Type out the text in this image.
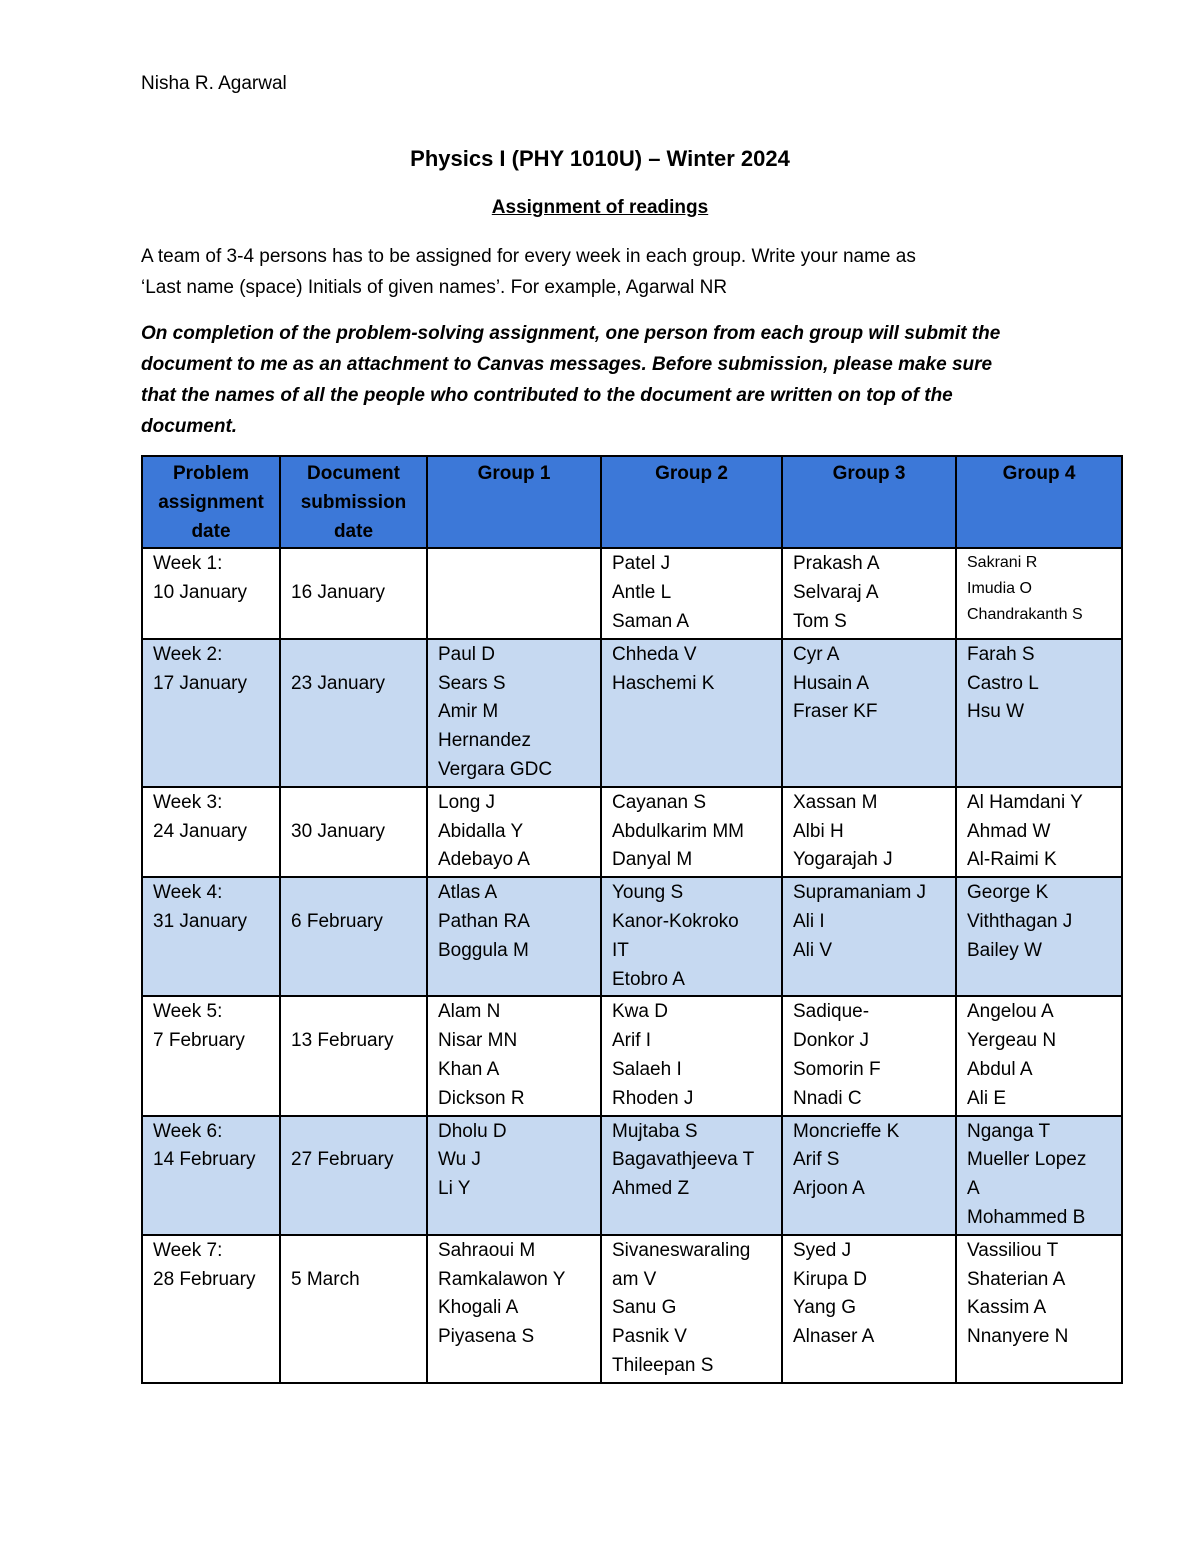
Nisha R. Agarwal
Physics I (PHY 1010U) – Winter 2024
Assignment of readings

A team of 3-4 persons has to be assigned for every week in each group. Write your name as
‘Last name (space) Initials of given names’. For example, Agarwal NR

On completion of the problem-solving assignment, one person from each group will submit the
document to me as an attachment to Canvas messages. Before submission, please make sure
that the names of all the people who contributed to the document are written on top of the
document.

Problem assignment date	Document submission date	Group 1	Group 2	Group 3	Group 4

Week 1:
10 January	16 January		Patel J
Antle L
Saman A	Prakash A
Selvaraj A
Tom S	Sakrani R
Imudia O
Chandrakanth S

Week 2:
17 January	23 January	Paul D
Sears S
Amir M
Hernandez
Vergara GDC	Chheda V
Haschemi K	Cyr A
Husain A
Fraser KF	Farah S
Castro L
Hsu W

Week 3:
24 January	30 January	Long J
Abidalla Y
Adebayo A	Cayanan S
Abdulkarim MM
Danyal M	Xassan M
Albi H
Yogarajah J	Al Hamdani Y
Ahmad W
Al-Raimi K

Week 4:
31 January	6 February	Atlas A
Pathan RA
Boggula M	Young S
Kanor-Kokroko
IT
Etobro A	Supramaniam J
Ali I
Ali V	George K
Viththagan J
Bailey W

Week 5:
7 February	13 February	Alam N
Nisar MN
Khan A
Dickson R	Kwa D
Arif I
Salaeh I
Rhoden J	Sadique-
Donkor J
Somorin F
Nnadi C	Angelou A
Yergeau N
Abdul A
Ali E

Week 6:
14 February	27 February	Dholu D
Wu J
Li Y	Mujtaba S
Bagavathjeeva T
Ahmed Z	Moncrieffe K
Arif S
Arjoon A	Nganga T
Mueller Lopez
A
Mohammed B

Week 7:
28 February	5 March	Sahraoui M
Ramkalawon Y
Khogali A
Piyasena S	Sivaneswaraling
am V
Sanu G
Pasnik V
Thileepan S	Syed J
Kirupa D
Yang G
Alnaser A	Vassiliou T
Shaterian A
Kassim A
Nnanyere N
